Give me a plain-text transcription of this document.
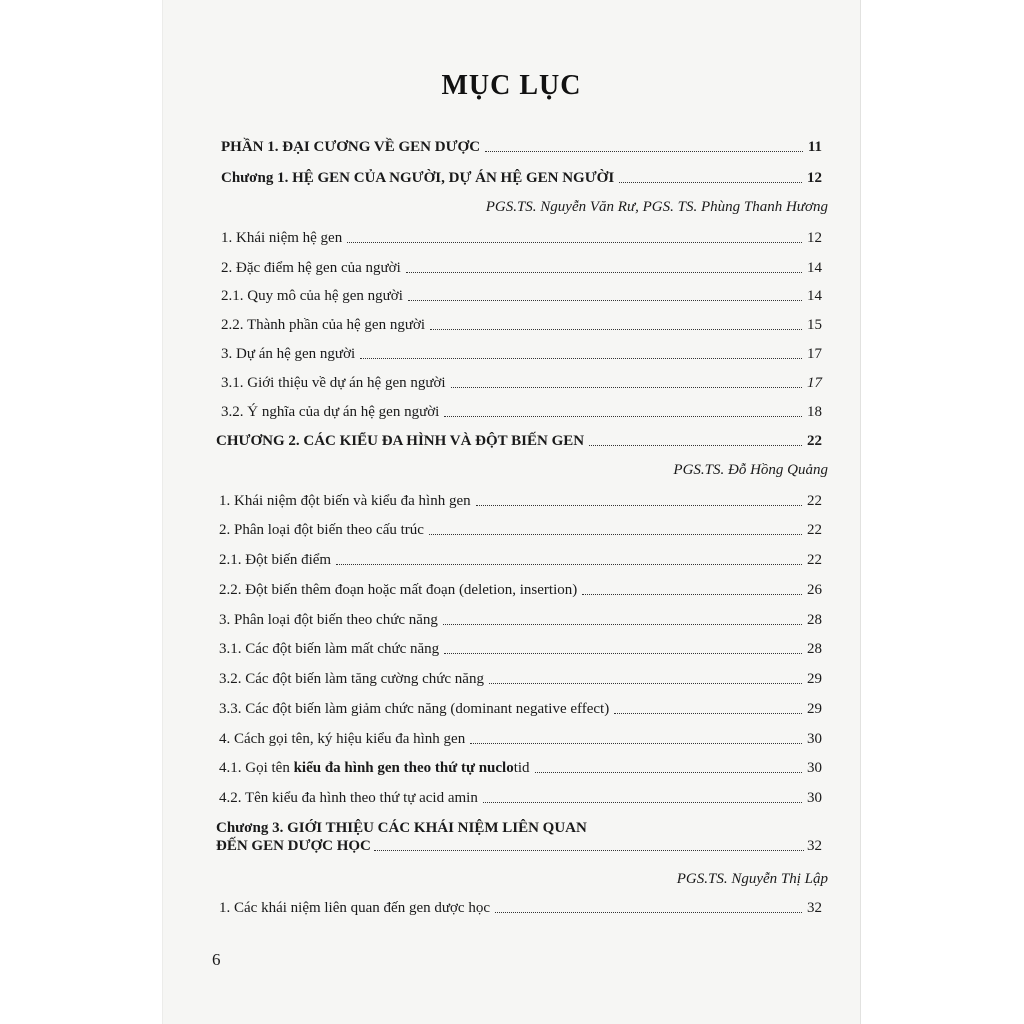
MỤC LỤC
PHẦN 1. ĐẠI CƯƠNG VỀ GEN DƯỢC	11
Chương 1. HỆ GEN CỦA NGƯỜI, DỰ ÁN HỆ GEN NGƯỜI	12
PGS.TS. Nguyễn Văn Rư, PGS. TS. Phùng Thanh Hương
1. Khái niệm hệ gen	12
2. Đặc điểm hệ gen của người	14
2.1. Quy mô của hệ gen người	14
2.2. Thành phần của hệ gen người	15
3. Dự án hệ gen người	17
3.1. Giới thiệu về dự án hệ gen người	17
3.2. Ý nghĩa của dự án hệ gen người	18
CHƯƠNG 2. CÁC KIỂU ĐA HÌNH VÀ ĐỘT BIẾN GEN	22
PGS.TS. Đỗ Hồng Quảng
1. Khái niệm đột biến và kiểu đa hình gen	22
2. Phân loại đột biến theo cấu trúc	22
2.1. Đột biến điểm	22
2.2. Đột biến thêm đoạn hoặc mất đoạn (deletion, insertion)	26
3. Phân loại đột biến theo chức năng	28
3.1. Các đột biến làm mất chức năng	28
3.2. Các đột biến làm tăng cường chức năng	29
3.3. Các đột biến làm giảm chức năng (dominant negative effect)	29
4. Cách gọi tên, ký hiệu kiểu đa hình gen	30
4.1. Gọi tên kiểu đa hình gen theo thứ tự nuclotid	30
4.2. Tên kiểu đa hình theo thứ tự acid amin	30
Chương 3. GIỚI THIỆU CÁC KHÁI NIỆM LIÊN QUAN
ĐẾN GEN DƯỢC HỌC	32
PGS.TS. Nguyễn Thị Lập
1. Các khái niệm liên quan đến gen dược học	32
6
